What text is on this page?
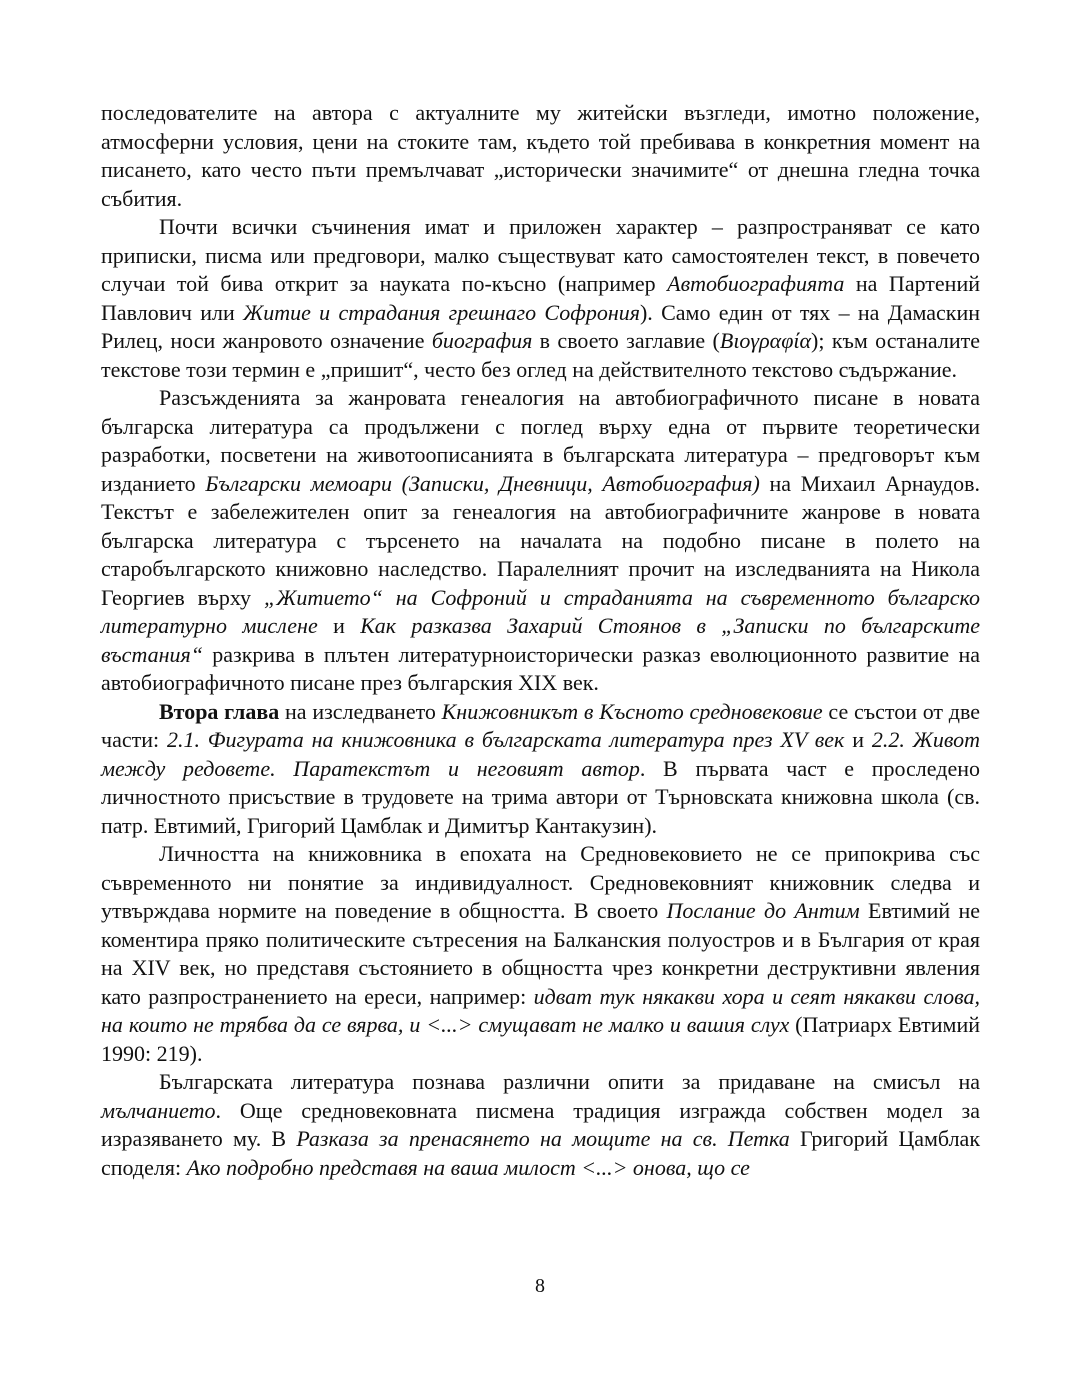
последователите на автора с актуалните му житейски възгледи, имотно положение, атмосферни условия, цени на стоките там, където той пребивава в конкретния момент на писането, като често пъти премълчават „исторически значимите“ от днешна гледна точка събития.

Почти всички съчинения имат и приложен характер – разпространяват се като приписки, писма или предговори, малко съществуват като самостоятелен текст, в повечето случаи той бива открит за науката по-късно (например Автобиографията на Партений Павлович или Житие и страдания грешнаго Софрония). Само един от тях – на Дамаскин Рилец, носи жанровото означение биография в своето заглавие (Βιογραφία); към останалите текстове този термин е „пришит“, често без оглед на действителното текстово съдържание.

Разсъжденията за жанровата генеалогия на автобиографичното писане в новата българска литература са продължени с поглед върху една от първите теоретически разработки, посветени на животоописанията в българската литература – предговорът към изданието Български мемоари (Записки, Дневници, Автобиография) на Михаил Арнаудов. Текстът е забележителен опит за генеалогия на автобиографичните жанрове в новата българска литература с търсенето на началата на подобно писане в полето на старобългарското книжовно наследство. Паралелният прочит на изследванията на Никола Георгиев върху „Житието“ на Софроний и страданията на съвременното българско литературно мислене и Как разказва Захарий Стоянов в „Записки по българските въстания“ разкрива в плътен литературноисторически разказ еволюционното развитие на автобиографичното писане през българския XIX век.

Втора глава на изследването Книжовникът в Късното средновековие се състои от две части: 2.1. Фигурата на книжовника в българската литература през XV век и 2.2. Живот между редовете. Паратекстът и неговият автор. В първата част е проследено личностното присъствие в трудовете на трима автори от Търновската книжовна школа (св. патр. Евтимий, Григорий Цамблак и Димитър Кантакузин).

Личността на книжовника в епохата на Средновековието не се припокрива със съвременното ни понятие за индивидуалност. Средновековният книжовник следва и утвърждава нормите на поведение в общността. В своето Послание до Антим Евтимий не коментира пряко политическите сътресения на Балканския полуостров и в България от края на XIV век, но представя състоянието в общността чрез конкретни деструктивни явления като разпространението на ереси, например: идват тук някакви хора и сеят някакви слова, на които не трябва да се вярва, и <...> смущават не малко и вашия слух (Патриарх Евтимий 1990: 219).

Българската литература познава различни опити за придаване на смисъл на мълчанието. Още средновековната писмена традиция изгражда собствен модел за изразяването му. В Разказа за пренасянето на мощите на св. Петка Григорий Цамблак споделя: Ако подробно представя на ваша милост <...> онова, що се

8
